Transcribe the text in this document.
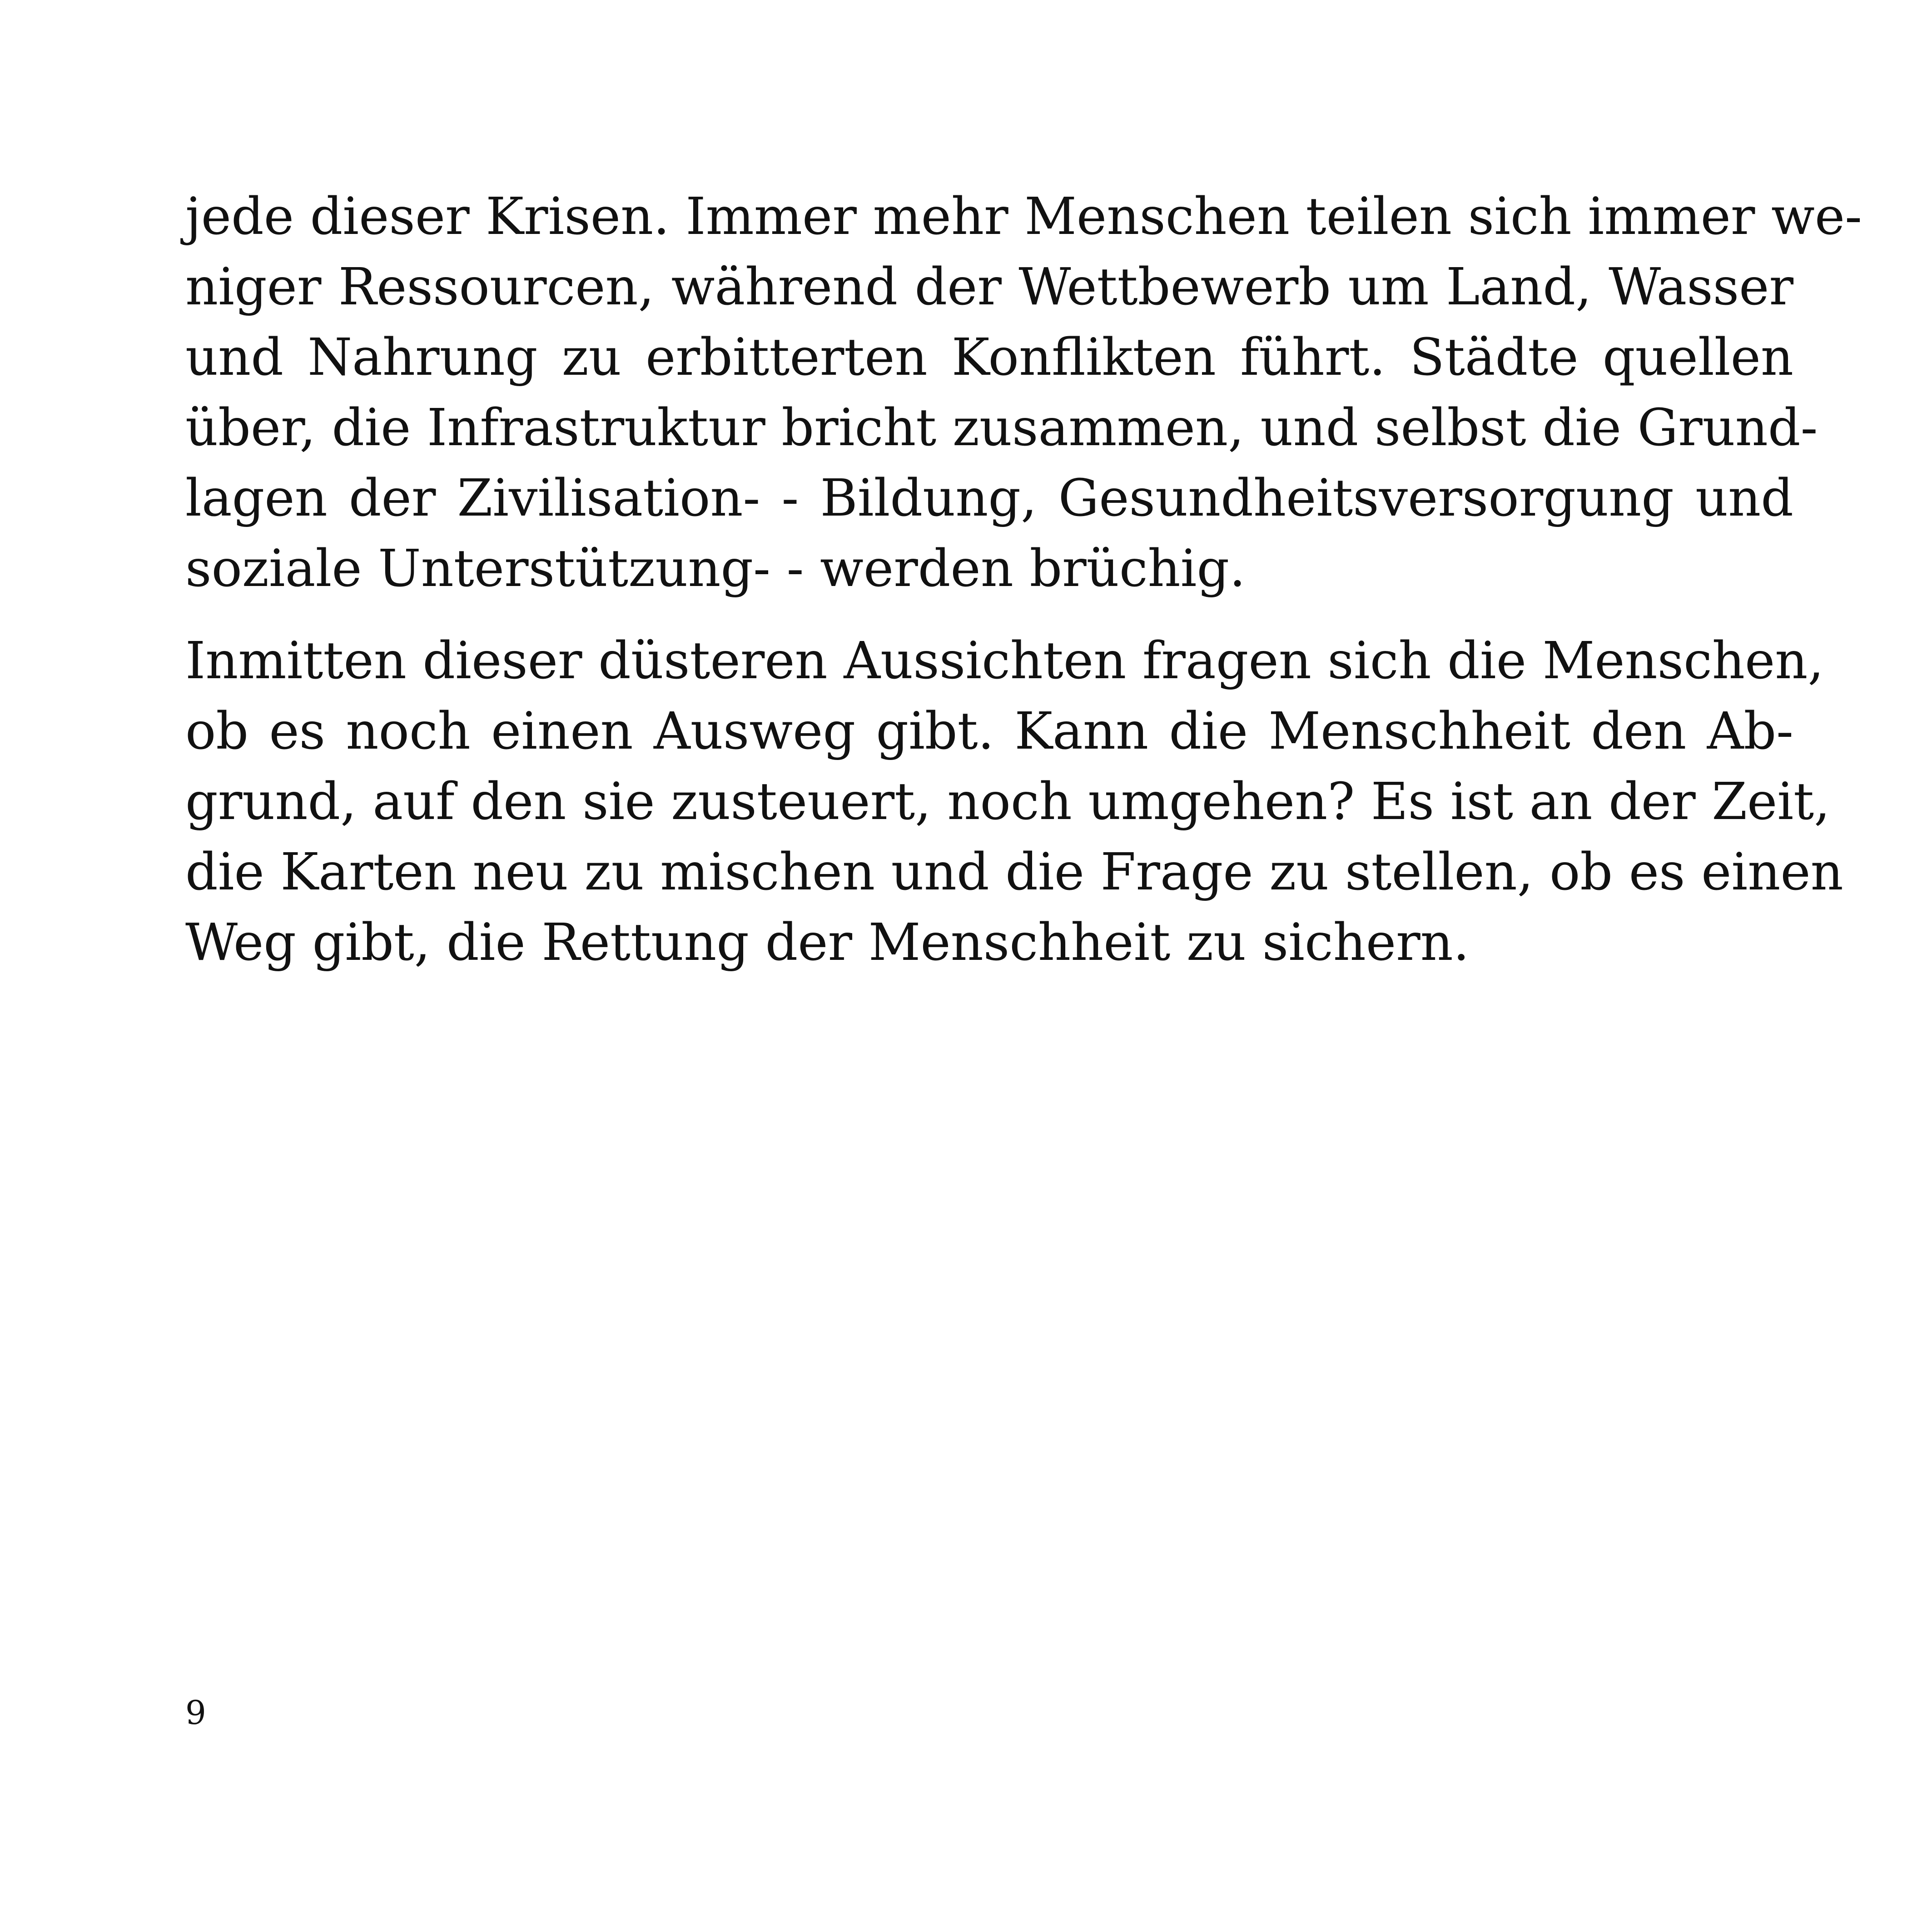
jede dieser Krisen. Immer mehr Menschen teilen sich immer we-
niger Ressourcen, während der Wettbewerb um Land, Wasser
und Nahrung zu erbitterten Konflikten führt. Städte quellen
über, die Infrastruktur bricht zusammen, und selbst die Grund-
lagen der Zivilisation- - Bildung, Gesundheitsversorgung und
soziale Unterstützung- - werden brüchig.
Inmitten dieser düsteren Aussichten fragen sich die Menschen,
ob es noch einen Ausweg gibt. Kann die Menschheit den Ab-
grund, auf den sie zusteuert, noch umgehen? Es ist an der Zeit,
die Karten neu zu mischen und die Frage zu stellen, ob es einen
Weg gibt, die Rettung der Menschheit zu sichern.
9
